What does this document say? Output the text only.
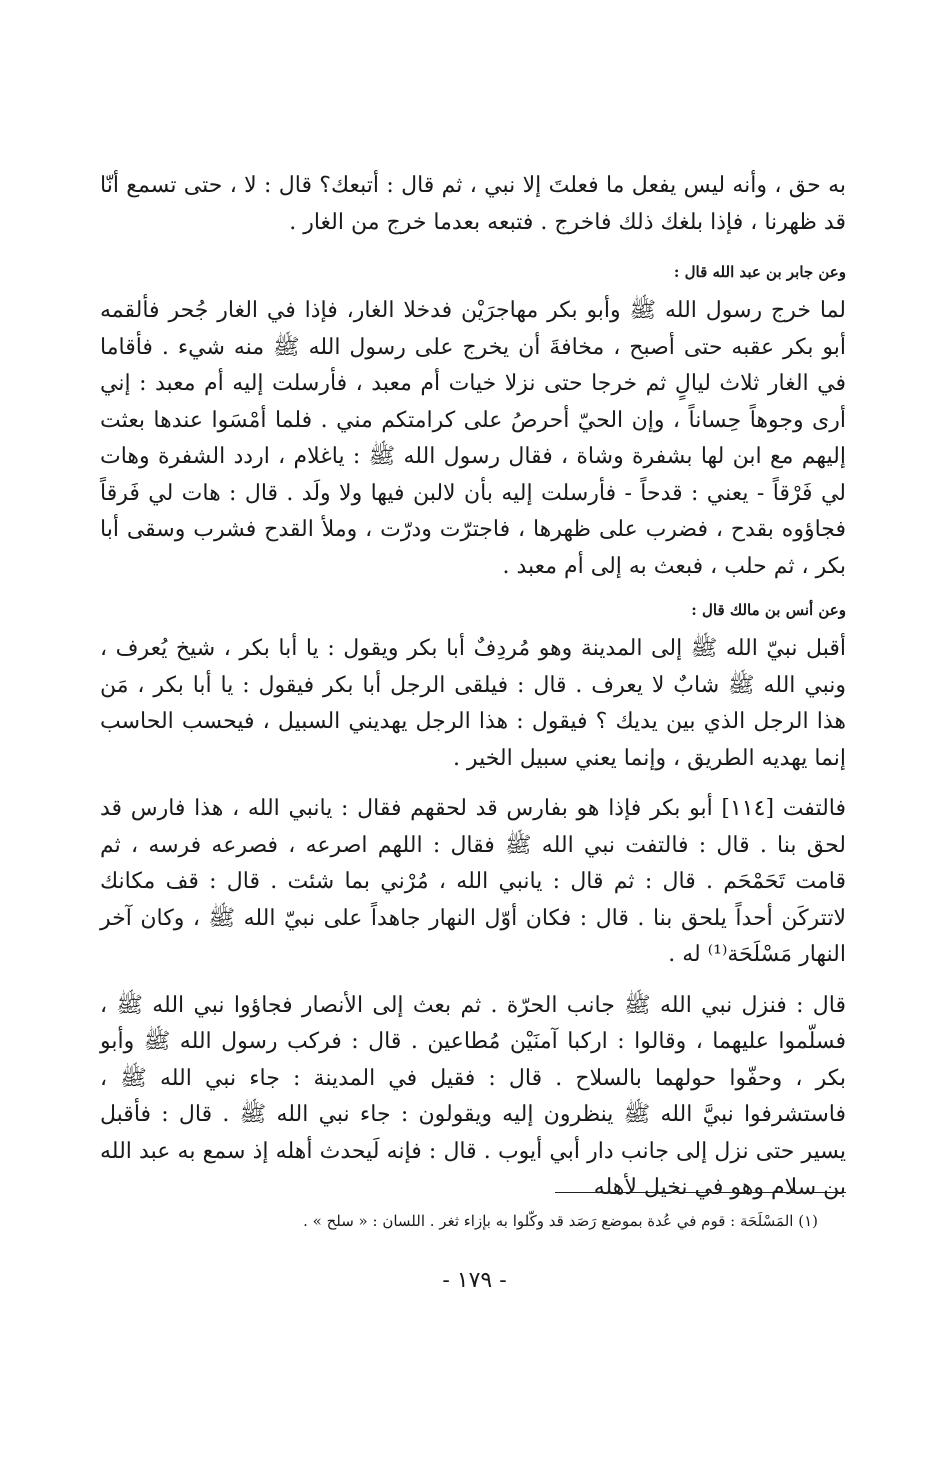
به حق ، وأنه ليس يفعل ما فعلتَ إلا نبي ، ثم قال : أتبعك؟ قال : لا ، حتى تسمع أنّا قد ظهرنا ، فإذا بلغك ذلك فاخرج . فتبعه بعدما خرج من الغار .

وعن جابر بن عبد الله قال :

لما خرج رسول الله ﷺ وأبو بكر مهاجرَيْن فدخلا الغار، فإذا في الغار جُحر فألقمه أبو بكر عقبه حتى أصبح ، مخافةَ أن يخرج على رسول الله ﷺ منه شيء . فأقاما في الغار ثلاث ليالٍ ثم خرجا حتى نزلا خيات أم معبد ، فأرسلت إليه أم معبد : إني أرى وجوهاً حِساناً ، وإن الحيّ أحرصُ على كرامتكم مني . فلما أمْسَوا عندها بعثت إليهم مع ابن لها بشفرة وشاة ، فقال رسول الله ﷺ : ياغلام ، اردد الشفرة وهات لي فَرْقاً - يعني : قدحاً - فأرسلت إليه بأن لالبن فيها ولا ولَد . قال : هات لي فَرقاً فجاؤوه بقدح ، فضرب على ظهرها ، فاجترّت ودرّت ، وملأ القدح فشرب وسقى أبا بكر ، ثم حلب ، فبعث به إلى أم معبد .

وعن أنس بن مالك قال :

أقبل نبيّ الله ﷺ إلى المدينة وهو مُردِفٌ أبا بكر ويقول : يا أبا بكر ، شيخ يُعرف ، ونبي الله ﷺ شابٌ لا يعرف . قال : فيلقى الرجل أبا بكر فيقول : يا أبا بكر ، مَن هذا الرجل الذي بين يديك ؟ فيقول : هذا الرجل يهديني السبيل ، فيحسب الحاسب إنما يهديه الطريق ، وإنما يعني سبيل الخير .

فالتفت [١١٤] أبو بكر فإذا هو بفارس قد لحقهم فقال : يانبي الله ، هذا فارس قد لحق بنا . قال : فالتفت نبي الله ﷺ فقال : اللهم اصرعه ، فصرعه فرسه ، ثم قامت تَحَمْحَم . قال : ثم قال : يانبي الله ، مُرْني بما شئت . قال : قف مكانك لاتتركَن أحداً يلحق بنا . قال : فكان أوّل النهار جاهداً على نبيّ الله ﷺ ، وكان آخر النهار مَسْلَحَة⁽¹⁾ له .

قال : فنزل نبي الله ﷺ جانب الحرّة . ثم بعث إلى الأنصار فجاؤوا نبي الله ﷺ ، فسلّموا عليهما ، وقالوا : اركبا آمنَيْن مُطاعين . قال : فركب رسول الله ﷺ وأبو بكر ، وحفّوا حولهما بالسلاح . قال : فقيل في المدينة : جاء نبي الله ﷺ ، فاستشرفوا نبيَّ الله ﷺ ينظرون إليه ويقولون : جاء نبي الله ﷺ . قال : فأقبل يسير حتى نزل إلى جانب دار أبي أيوب . قال : فإنه لَيحدث أهله إذ سمع به عبد الله بن سلام وهو في نخيل لأهله

(١) المَسْلَحَة : قوم في عُدة بموضع رَصَد قد وكّلوا به بإزاء ثغر . اللسان : « سلح » .
- ١٧٩ -
